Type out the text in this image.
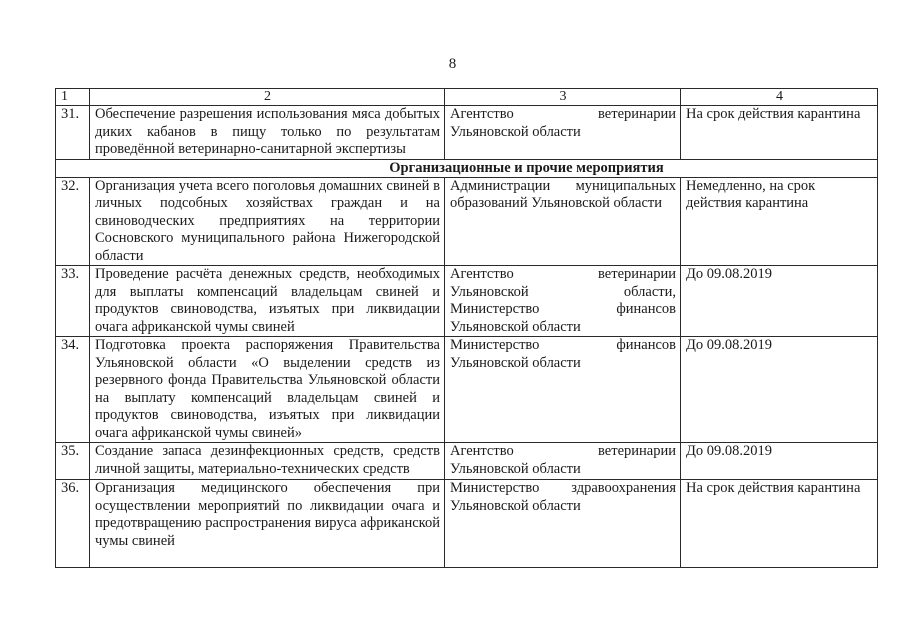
8
1	2	3	4
31.	Обеспечение разрешения использования мяса добытых диких кабанов в пищу только по результатам проведённой ветеринарно-санитарной экспертизы	Агентство ветеринарии Ульяновской области	На срок действия карантина
Организационные и прочие мероприятия			
32.	Организация учета всего поголовья домашних свиней в личных подсобных хозяйствах граждан и на свиноводческих предприятиях на территории Сосновского муниципального района Нижегородской области	Администрации муниципальных образований Ульяновской области	Немедленно, на срок действия карантина
33.	Проведение расчёта денежных средств, необходимых для выплаты компенсаций владельцам свиней и продуктов свиноводства, изъятых при ликвидации очага африканской чумы свиней	Агентство ветеринарии Ульяновской области, Министерство финансов Ульяновской области	До 09.08.2019
34.	Подготовка проекта распоряжения Правительства Ульяновской области «О выделении средств из резервного фонда Правительства Ульяновской области на выплату компенсаций владельцам свиней и продуктов свиноводства, изъятых при ликвидации очага африканской чумы свиней»	Министерство финансов Ульяновской области	До 09.08.2019
35.	Создание запаса дезинфекционных средств, средств личной защиты, материально-технических средств	Агентство ветеринарии Ульяновской области	До 09.08.2019
36.	Организация медицинского обеспечения при осуществлении мероприятий по ликвидации очага и предотвращению распространения вируса африканской чумы свиней	Министерство здравоохранения Ульяновской области	На срок действия карантина
